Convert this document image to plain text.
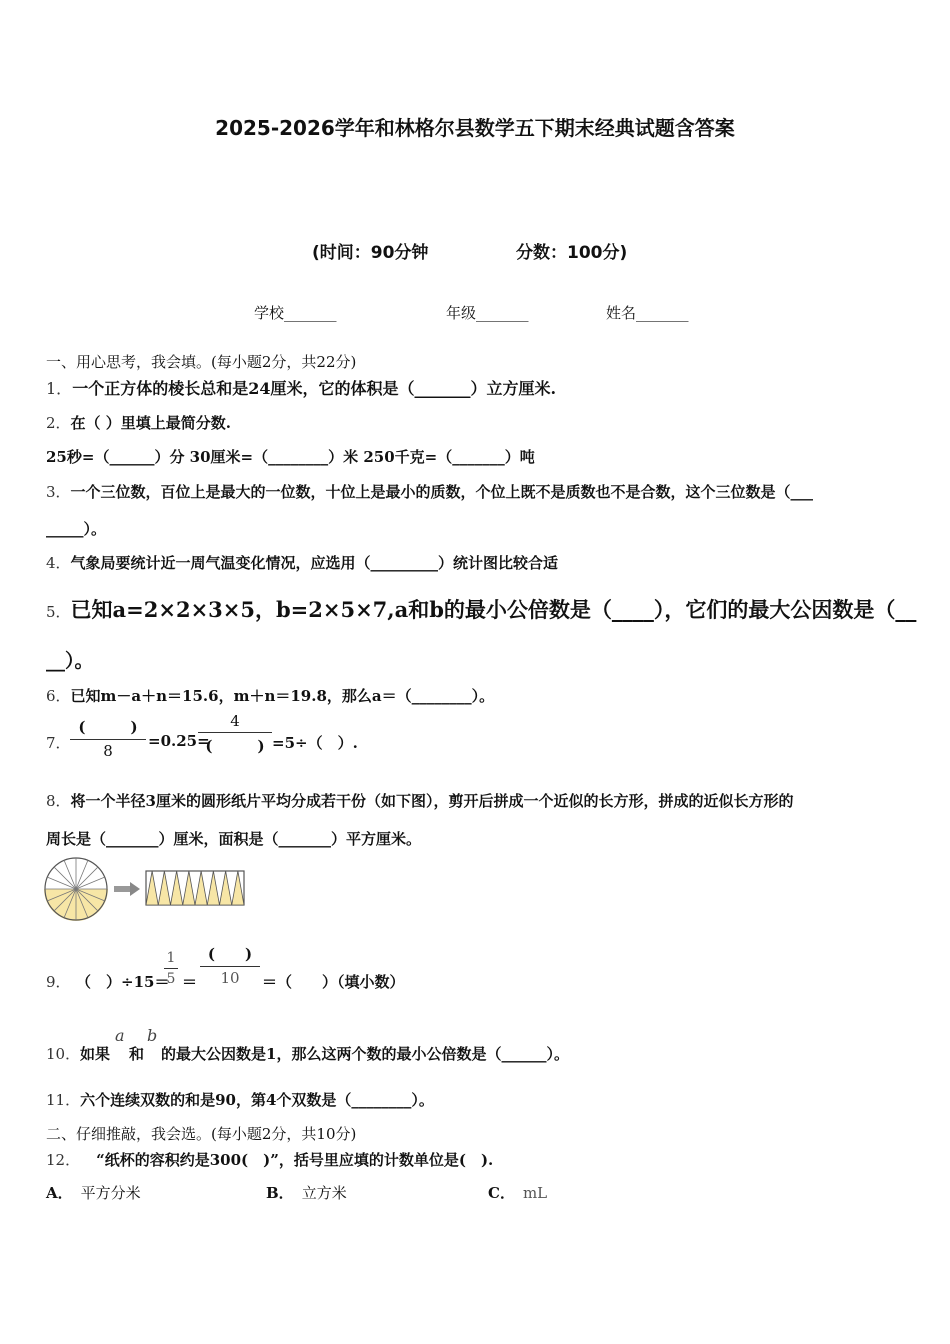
2025-2026学年和林格尔县数学五下期末经典试题含答案
(时间：90分钟	分数：100分)
学校_______	年级_______	姓名_______
一、用心思考，我会填。(每小题2分，共22分)
1．一个正方体的棱长总和是24厘米，它的体积是（_______）立方厘米.
2．在（ ）里填上最简分数.
25秒=（______）分 30厘米=（________）米 250千克=（_______）吨
3．一个三位数，百位上是最大的一位数，十位上是最小的质数，个位上既不是质数也不是合数，这个三位数是（___
_____）。
4．气象局要统计近一周气温变化情况，应选用（_________）统计图比较合适
5．已知a=2×2×3×5，b=2×5×7,a和b的最小公倍数是（____），它们的最大公因数是（__
__）。
6．已知m－a＋n＝15.6，m＋n＝19.8，那么a＝（________）。
7．
(　　　)
8
=0.25=
4
(　　　) =5÷（　）.
8．将一个半径3厘米的圆形纸片平均分成若干份（如下图），剪开后拼成一个近似的长方形，拼成的近似长方形的
周长是（_______）厘米，面积是（_______）平方厘米。
9． （　）÷15＝
1
5 ＝
(　　)
10	＝（　　）（填小数）
10． 如果
a
和
b
的最大公因数是1，那么这两个数的最小公倍数是（______）。
11．六个连续双数的和是90，第4个双数是（________）。
二、仔细推敲，我会选。(每小题2分，共10分)
12． “纸杯的容积约是300(　)”，括号里应填的计数单位是(　).
A． 平方分米	B． 立方米	C． mL
